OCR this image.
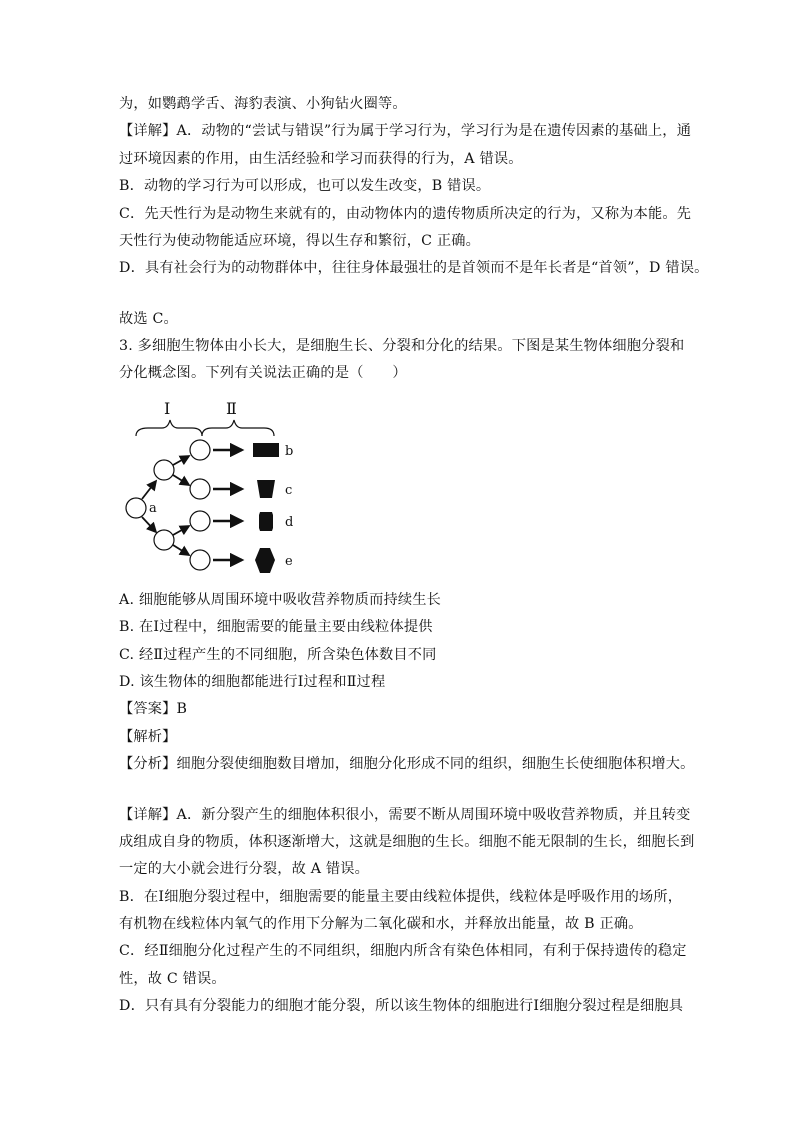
为，如鹦鹉学舌、海豹表演、小狗钻火圈等。
【详解】A．动物的“尝试与错误”行为属于学习行为，学习行为是在遗传因素的基础上，通
过环境因素的作用，由生活经验和学习而获得的行为，A 错误。
B．动物的学习行为可以形成，也可以发生改变，B 错误。
C．先天性行为是动物生来就有的，由动物体内的遗传物质所决定的行为，又称为本能。先
天性行为使动物能适应环境，得以生存和繁衍，C 正确。
D．具有社会行为的动物群体中，往往身体最强壮的是首领而不是年长者是“首领”，D 错误。
故选 C。
3. 多细胞生物体由小长大，是细胞生长、分裂和分化的结果。下图是某生物体细胞分裂和
分化概念图。下列有关说法正确的是（　　）
Ⅰ	Ⅱ
a
b
c
d
e
A. 细胞能够从周围环境中吸收营养物质而持续生长
B. 在Ⅰ过程中，细胞需要的能量主要由线粒体提供
C. 经Ⅱ过程产生的不同细胞，所含染色体数目不同
D. 该生物体的细胞都能进行Ⅰ过程和Ⅱ过程
【答案】B
【解析】
【分析】细胞分裂使细胞数目增加，细胞分化形成不同的组织，细胞生长使细胞体积增大。
【详解】A．新分裂产生的细胞体积很小，需要不断从周围环境中吸收营养物质，并且转变
成组成自身的物质，体积逐渐增大，这就是细胞的生长。细胞不能无限制的生长，细胞长到
一定的大小就会进行分裂，故 A 错误。
B．在Ⅰ细胞分裂过程中，细胞需要的能量主要由线粒体提供，线粒体是呼吸作用的场所，
有机物在线粒体内氧气的作用下分解为二氧化碳和水，并释放出能量，故 B 正确。
C．经Ⅱ细胞分化过程产生的不同组织，细胞内所含有染色体相同，有利于保持遗传的稳定
性，故 C 错误。
D．只有具有分裂能力的细胞才能分裂，所以该生物体的细胞进行Ⅰ细胞分裂过程是细胞具
